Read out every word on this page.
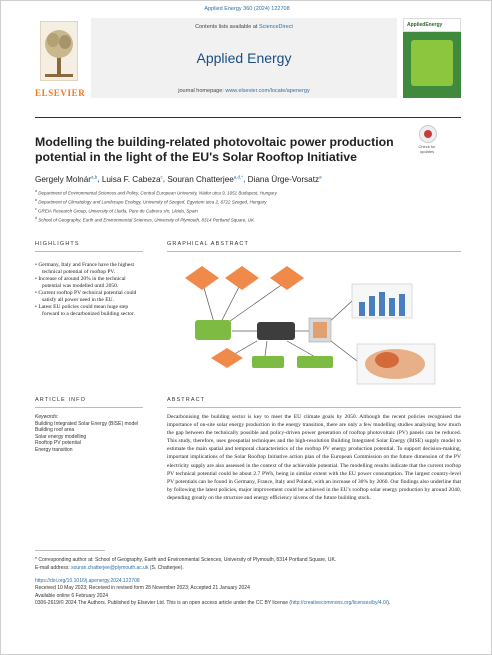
Applied Energy 360 (2024) 122708
ELSEVIER
Contents lists available at ScienceDirect
Applied Energy
journal homepage: www.elsevier.com/locate/apenergy
AppliedEnergy
Modelling the building-related photovoltaic power production potential in the light of the EU's Solar Rooftop Initiative
Check for updates
Gergely Molnár$^{a,b}$, Luisa F. Cabeza$^c$, Souran Chatterjee$^{a,d,*}$, Diana Ürge-Vorsatz$^a$
$^a$ Department of Environmental Sciences and Policy, Central European University, Nádor utca 9, 1051 Budapest, Hungary
$^b$ Department of Climatology and Landscape Ecology, University of Szeged, Egyetem utca 2, 6722 Szeged, Hungary
$^c$ GREiA Research Group, University of Lleida, Pere de Cabrera s/n, Lleida, Spain
$^d$ School of Geography, Earth and Environmental Sciences, University of Plymouth, 8314 Portland Square, UK
HIGHLIGHTS	GRAPHICAL ABSTRACT
• Germany, Italy and France have the highest technical potential of rooftop PV.
• Increase of around 20% in the technical potential was modelled until 2050.
• Current rooftop PV technical potential could satisfy all power need in the EU.
• Latest EU policies could mean huge step forward to a decarbonized building sector.
ARTICLE INFO	ABSTRACT
Keywords:
Building Integrated Solar Energy (BISE) model
Building roof area
Solar energy modelling
Rooftop PV potential
Energy transition

Decarbonising the building sector is key to meet the EU climate goals by 2050. Although the recent policies recognised the importance of on-site solar energy production in the energy transition, there are only a few modelling studies analysing how much the gap between the technically possible and policy-driven power generation of rooftop photovoltaic (PV) panels can be reduced. This study, therefore, uses geospatial techniques and the high-resolution Building Integrated Solar Energy (BISE) supply model to estimate the main spatial and temporal characteristics of the rooftop PV energy production potential. To support decision-making, important implications of the Solar Rooftop Initiative action plan of the European Commission on the future dimension of the PV electricity supply are also assessed in the context of the achievable potential. The modelling results indicate that the current rooftop PV technical potential could be about 2.7 PWh, being in similar extent with the EU power consumption. The largest country-level PV potentials can be found in Germany, France, Italy and Poland, with an increase of 30% by 2060. Our findings also underline that by following the latest policies, major improvement could be achieved in the EU's rooftop solar energy production by around 2040, depending greatly on the structure and energy efficiency nivens of the future building stock.

* Corresponding author at: School of Geography, Earth and Environmental Sciences, University of Plymouth, 8314 Portland Square, UK.
E-mail address: souran.chatterjee@plymouth.ac.uk (S. Chatterjee).
https://doi.org/10.1016/j.apenergy.2024.122708
Received 10 May 2023; Received in revised form 28 November 2023; Accepted 21 January 2024
Available online 6 February 2024
0306-2619/© 2024 The Authors. Published by Elsevier Ltd. This is an open access article under the CC BY license (http://creativecommons.org/licenses/by/4.0/).
